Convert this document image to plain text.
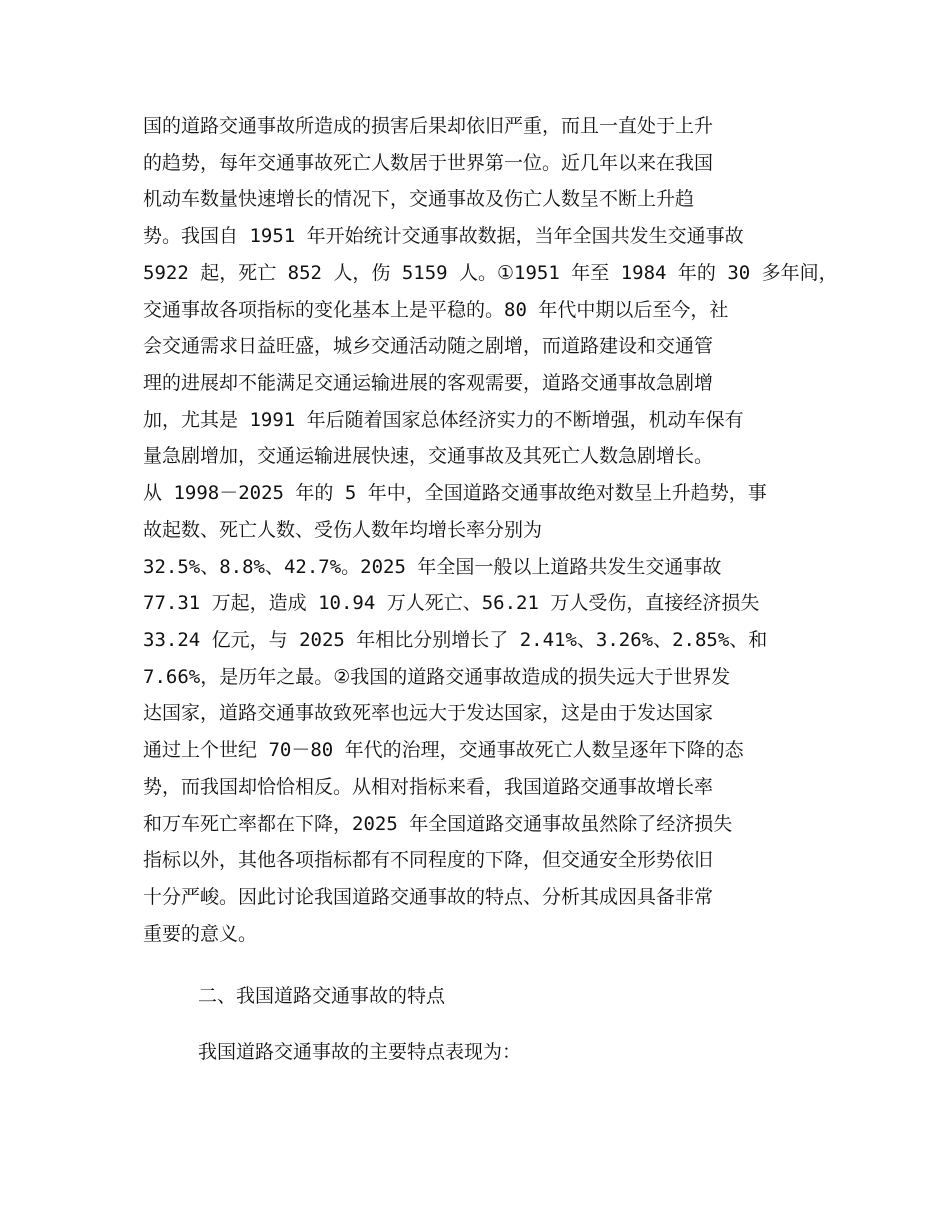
国的道路交通事故所造成的损害后果却依旧严重，而且一直处于上升
的趋势，每年交通事故死亡人数居于世界第一位。近几年以来在我国
机动车数量快速增长的情况下，交通事故及伤亡人数呈不断上升趋
势。我国自 1951 年开始统计交通事故数据，当年全国共发生交通事故
5922 起，死亡 852 人，伤 5159 人。①1951 年至 1984 年的 30 多年间，
交通事故各项指标的变化基本上是平稳的。80 年代中期以后至今，社
会交通需求日益旺盛，城乡交通活动随之剧增，而道路建设和交通管
理的进展却不能满足交通运输进展的客观需要，道路交通事故急剧增
加，尤其是 1991 年后随着国家总体经济实力的不断增强，机动车保有
量急剧增加，交通运输进展快速，交通事故及其死亡人数急剧增长。
从 1998－2025 年的 5 年中，全国道路交通事故绝对数呈上升趋势，事
故起数、死亡人数、受伤人数年均增长率分别为
32.5%、8.8%、42.7%。2025 年全国一般以上道路共发生交通事故
77.31 万起，造成 10.94 万人死亡、56.21 万人受伤，直接经济损失
33.24 亿元，与 2025 年相比分别增长了 2.41%、3.26%、2.85%、和
7.66%，是历年之最。②我国的道路交通事故造成的损失远大于世界发
达国家，道路交通事故致死率也远大于发达国家，这是由于发达国家
通过上个世纪 70－80 年代的治理，交通事故死亡人数呈逐年下降的态
势，而我国却恰恰相反。从相对指标来看，我国道路交通事故增长率
和万车死亡率都在下降，2025 年全国道路交通事故虽然除了经济损失
指标以外，其他各项指标都有不同程度的下降，但交通安全形势依旧
十分严峻。因此讨论我国道路交通事故的特点、分析其成因具备非常
重要的意义。
二、我国道路交通事故的特点
我国道路交通事故的主要特点表现为：
